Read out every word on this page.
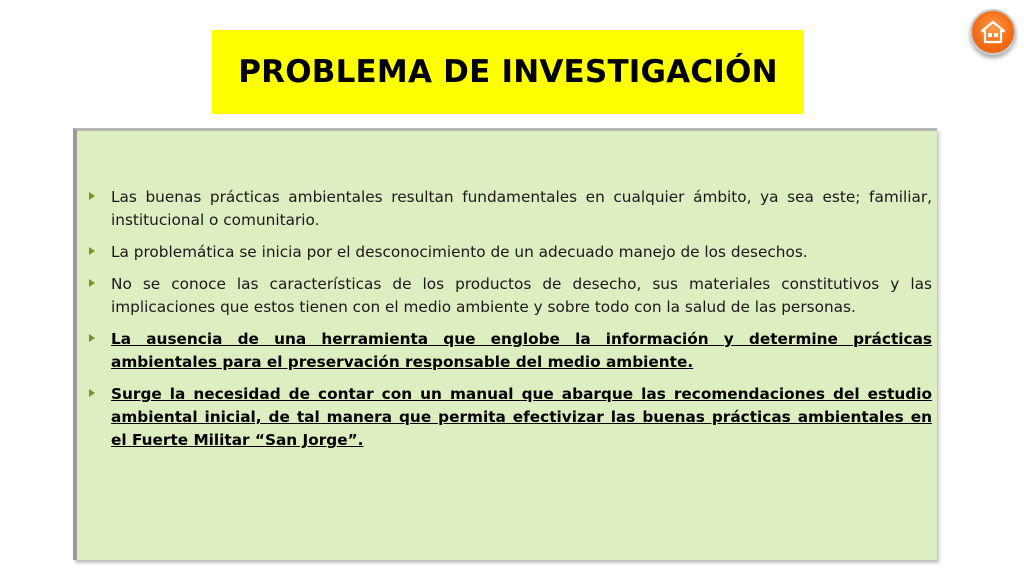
PROBLEMA DE INVESTIGACIÓN
Las buenas prácticas ambientales resultan fundamentales en cualquier ámbito, ya sea este; familiar, institucional o comunitario.
La problemática se inicia por el desconocimiento de un adecuado manejo de los desechos.
No se conoce las características de los productos de desecho, sus materiales constitutivos y las implicaciones que estos tienen con el medio ambiente y sobre todo con la salud de las personas.
La ausencia de una herramienta que englobe la información y determine prácticas ambientales para el preservación responsable del medio ambiente.
Surge la necesidad de contar con un manual que abarque las recomendaciones del estudio ambiental inicial, de tal manera que permita efectivizar las buenas prácticas ambientales en el Fuerte Militar “San Jorge”.
